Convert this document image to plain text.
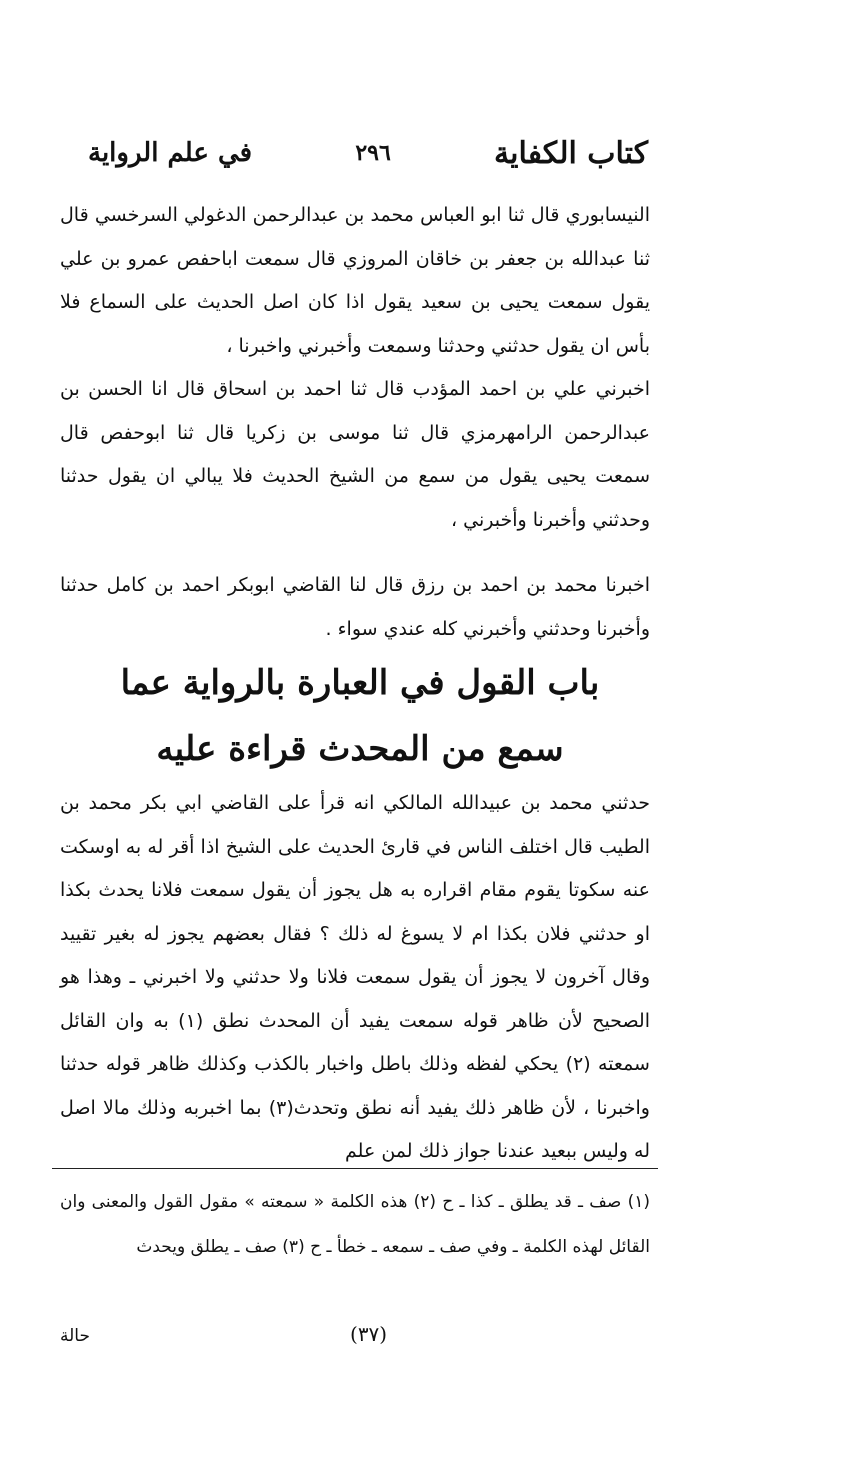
كتاب الكفاية
٢٩٦
في علم الرواية

النيسابوري قال ثنا ابو العباس محمد بن عبدالرحمن الدغولي السرخسي قال ثنا عبدالله بن جعفر بن خاقان المروزي قال سمعت اباحفص عمرو بن علي يقول سمعت يحيى بن سعيد يقول اذا كان اصل الحديث على السماع فلا بأس ان يقول حدثني وحدثنا وسمعت وأخبرني واخبرنا ،

اخبرني علي بن احمد المؤدب قال ثنا احمد بن اسحاق قال انا الحسن بن عبدالرحمن الرامهرمزي قال ثنا موسى بن زكريا قال ثنا ابوحفص قال سمعت يحيى يقول من سمع من الشيخ الحديث فلا يبالي ان يقول حدثنا وحدثني وأخبرنا وأخبرني ،

اخبرنا محمد بن احمد بن رزق قال لنا القاضي ابوبكر احمد بن كامل حدثنا وأخبرنا وحدثني وأخبرني كله عندي سواء .

باب القول في العبارة بالرواية عما
سمع من المحدث قراءة عليه

حدثني محمد بن عبيدالله المالكي انه قرأ على القاضي ابي بكر محمد بن الطيب قال اختلف الناس في قارئ الحديث على الشيخ اذا أقر له به اوسكت عنه سكوتا يقوم مقام اقراره به هل يجوز أن يقول سمعت فلانا يحدث بكذا او حدثني فلان بكذا ام لا يسوغ له ذلك ؟ فقال بعضهم يجوز له بغير تقييد وقال آخرون لا يجوز أن يقول سمعت فلانا ولا حدثني ولا اخبرني ـ وهذا هو الصحيح لأن ظاهر قوله سمعت يفيد أن المحدث نطق (١) به وان القائل سمعته (٢) يحكي لفظه وذلك باطل واخبار بالكذب وكذلك ظاهر قوله حدثنا واخبرنا ، لأن ظاهر ذلك يفيد أنه نطق وتحدث(٣) بما اخبربه وذلك مالا اصل له وليس ببعيد عندنا جواز ذلك لمن علم

(١) صف ـ قد يطلق ـ كذا ـ ح (٢) هذه الكلمة « سمعته » مقول القول والمعنى وان القائل لهذه الكلمة ـ وفي صف ـ سمعه ـ خطأ ـ ح (٣) صف ـ يطلق ويحدث

(٣٧)
حالة
